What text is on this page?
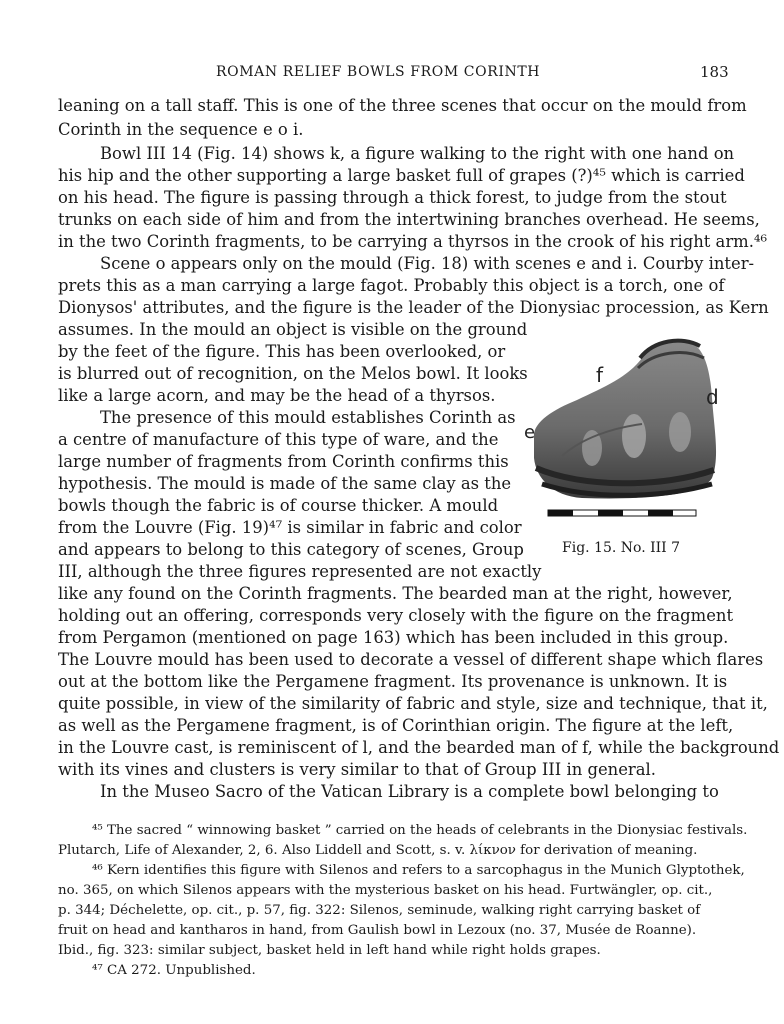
ROMAN RELIEF BOWLS FROM CORINTH	183
leaning on a tall staff. This is one of the three scenes that occur on the mould from
Corinth in the sequence e o i.
Bowl III 14 (Fig. 14) shows k, a figure walking to the right with one hand on
his hip and the other supporting a large basket full of grapes (?)⁴⁵ which is carried
on his head. The figure is passing through a thick forest, to judge from the stout
trunks on each side of him and from the intertwining branches overhead. He seems,
in the two Corinth fragments, to be carrying a thyrsos in the crook of his right arm.⁴⁶
Scene o appears only on the mould (Fig. 18) with scenes e and i. Courby inter-
prets this as a man carrying a large fagot. Probably this object is a torch, one of
Dionysos' attributes, and the figure is the leader of the Dionysiac procession, as Kern
assumes. In the mould an object is visible on the ground
by the feet of the figure. This has been overlooked, or
is blurred out of recognition, on the Melos bowl. It looks
like a large acorn, and may be the head of a thyrsos.
The presence of this mould establishes Corinth as
a centre of manufacture of this type of ware, and the
large number of fragments from Corinth confirms this
hypothesis. The mould is made of the same clay as the
bowls though the fabric is of course thicker. A mould
from the Louvre (Fig. 19)⁴⁷ is similar in fabric and color
and appears to belong to this category of scenes, Group
III, although the three figures represented are not exactly
like any found on the Corinth fragments. The bearded man at the right, however,
holding out an offering, corresponds very closely with the figure on the fragment
from Pergamon (mentioned on page 163) which has been included in this group.
The Louvre mould has been used to decorate a vessel of different shape which flares
out at the bottom like the Pergamene fragment. Its provenance is unknown. It is
quite possible, in view of the similarity of fabric and style, size and technique, that it,
as well as the Pergamene fragment, is of Corinthian origin. The figure at the left,
in the Louvre cast, is reminiscent of l, and the bearded man of f, while the background
with its vines and clusters is very similar to that of Group III in general.
In the Museo Sacro of the Vatican Library is a complete bowl belonging to
f
d
e
Fig. 15. No. III 7
⁴⁵ The sacred “ winnowing basket ” carried on the heads of celebrants in the Dionysiac festivals.
Plutarch, Life of Alexander, 2, 6. Also Liddell and Scott, s. v. λίκνον for derivation of meaning.
⁴⁶ Kern identifies this figure with Silenos and refers to a sarcophagus in the Munich Glyptothek,
no. 365, on which Silenos appears with the mysterious basket on his head. Furtwängler, op. cit.,
p. 344; Déchelette, op. cit., p. 57, fig. 322: Silenos, seminude, walking right carrying basket of
fruit on head and kantharos in hand, from Gaulish bowl in Lezoux (no. 37, Musée de Roanne).
Ibid., fig. 323: similar subject, basket held in left hand while right holds grapes.
⁴⁷ CA 272. Unpublished.
